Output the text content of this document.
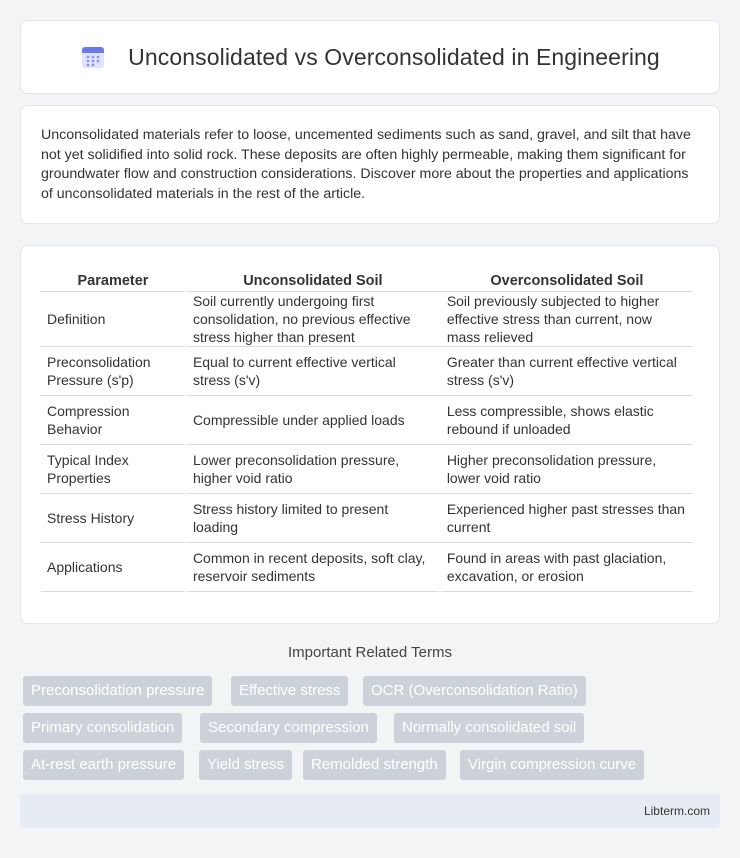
Unconsolidated vs Overconsolidated in Engineering

Unconsolidated materials refer to loose, uncemented sediments such as sand, gravel, and silt that have not yet solidified into solid rock. These deposits are often highly permeable, making them significant for groundwater flow and construction considerations. Discover more about the properties and applications of unconsolidated materials in the rest of the article.

Parameter	Unconsolidated Soil	Overconsolidated Soil
Definition	Soil currently undergoing first consolidation, no previous effective stress higher than present	Soil previously subjected to higher effective stress than current, now mass relieved
Preconsolidation Pressure (s'p)	Equal to current effective vertical stress (s'v)	Greater than current effective vertical stress (s'v)
Compression Behavior	Compressible under applied loads	Less compressible, shows elastic rebound if unloaded
Typical Index Properties	Lower preconsolidation pressure, higher void ratio	Higher preconsolidation pressure, lower void ratio
Stress History	Stress history limited to present loading	Experienced higher past stresses than current
Applications	Common in recent deposits, soft clay, reservoir sediments	Found in areas with past glaciation, excavation, or erosion
Important Related Terms
Preconsolidation pressure	Effective stress	OCR (Overconsolidation Ratio)
Primary consolidation	Secondary compression	Normally consolidated soil
At-rest earth pressure	Yield stress	Remolded strength	Virgin compression curve
Libterm.com
